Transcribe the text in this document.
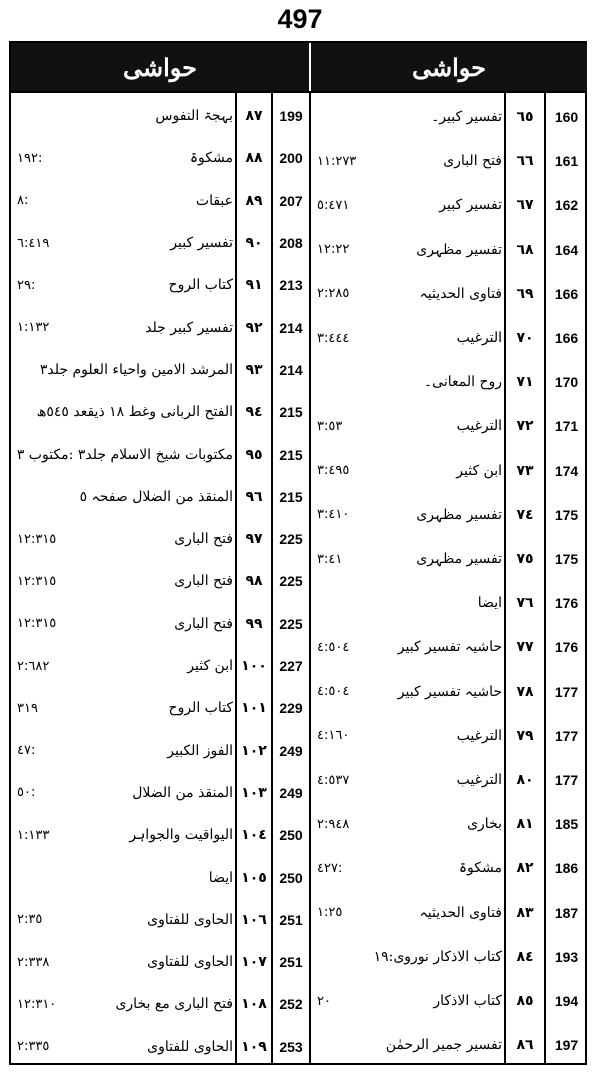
497
حواشی	حواشی
160
٦٥
تفسیر کبیر۔
161
٦٦
فتح الباری
١١:٢٧٣
162
٦٧
تفسیر کبیر
٥:٤٧١
164
٦٨
تفسیر مظہری
١٢:٢٢
166
٦٩
فتاوی الحدیثیہ
٢:٢٨٥
166
٧٠
الترغیب
٣:٤٤٤
170
٧١
روح المعانی۔
171
٧٢
الترغیب
٣:٥٣
174
٧٣
ابن کثیر
٣:٤٩٥
175
٧٤
تفسیر مظہری
٣:٤١٠
175
٧٥
تفسیر مظہری
٣:٤١
176
٧٦
ایضا
176
٧٧
حاشیہ تفسیر کبیر
٤:٥٠٤
177
٧٨
حاشیہ تفسیر کبیر
٤:٥٠٤
177
٧٩
الترغیب
٤:١٦٠
177
٨٠
الترغیب
٤:٥٣٧
185
٨١
بخاری
٢:٩٤٨
186
٨٢
مشکوۃ
٤٢٧:
187
٨٣
فتاوی الحدیثیہ
١:٢٥
193
٨٤
کتاب الاذکار نوروی:١٩
194
٨٥
کتاب الاذکار
٢٠
197
٨٦
تفسیر جمیر الرحمٰن
199
٨٧
بہجۃ النفوس
200
٨٨
مشکوۃ
١٩٢:
207
٨٩
عبقات
٨:
208
٩٠
تفسیر کبیر
٦:٤١٩
213
٩١
کتاب الروح
٢٩:
214
٩٢
تفسیر کبیر جلد
١:١٣٢
214
٩٣
المرشد الامین واحیاء العلوم جلد٣
215
٩٤
الفتح الربانی وغط ١٨ ذیقعد ٥٤٥ھ
215
٩٥
مکتوبات شیخ الاسلام جلد٣ :مکتوب ٣
215
٩٦
المنقذ من الضلال صفحہ ٥
225
٩٧
فتح الباری
١٢:٣١٥
225
٩٨
فتح الباری
١٢:٣١٥
225
٩٩
فتح الباری
١٢:٣١٥
227
١٠٠
ابن کثیر
٢:٦٨٢
229
١٠١
کتاب الروح
٣١٩
249
١٠٢
الفوز الکبیر
٤٧:
249
١٠٣
المنقذ من الضلال
٥٠:
250
١٠٤
الیواقیت والجواہر
١:١٣٣
250
١٠٥
ایضا
251
١٠٦
الحاوی للفتاوی
٢:٣٥
251
١٠٧
الحاوی للفتاوی
٢:٣٣٨
252
١٠٨
فتح الباری مع بخاری
١٢:٣١٠
253
١٠٩
الحاوی للفتاوی
٢:٣٣٥
